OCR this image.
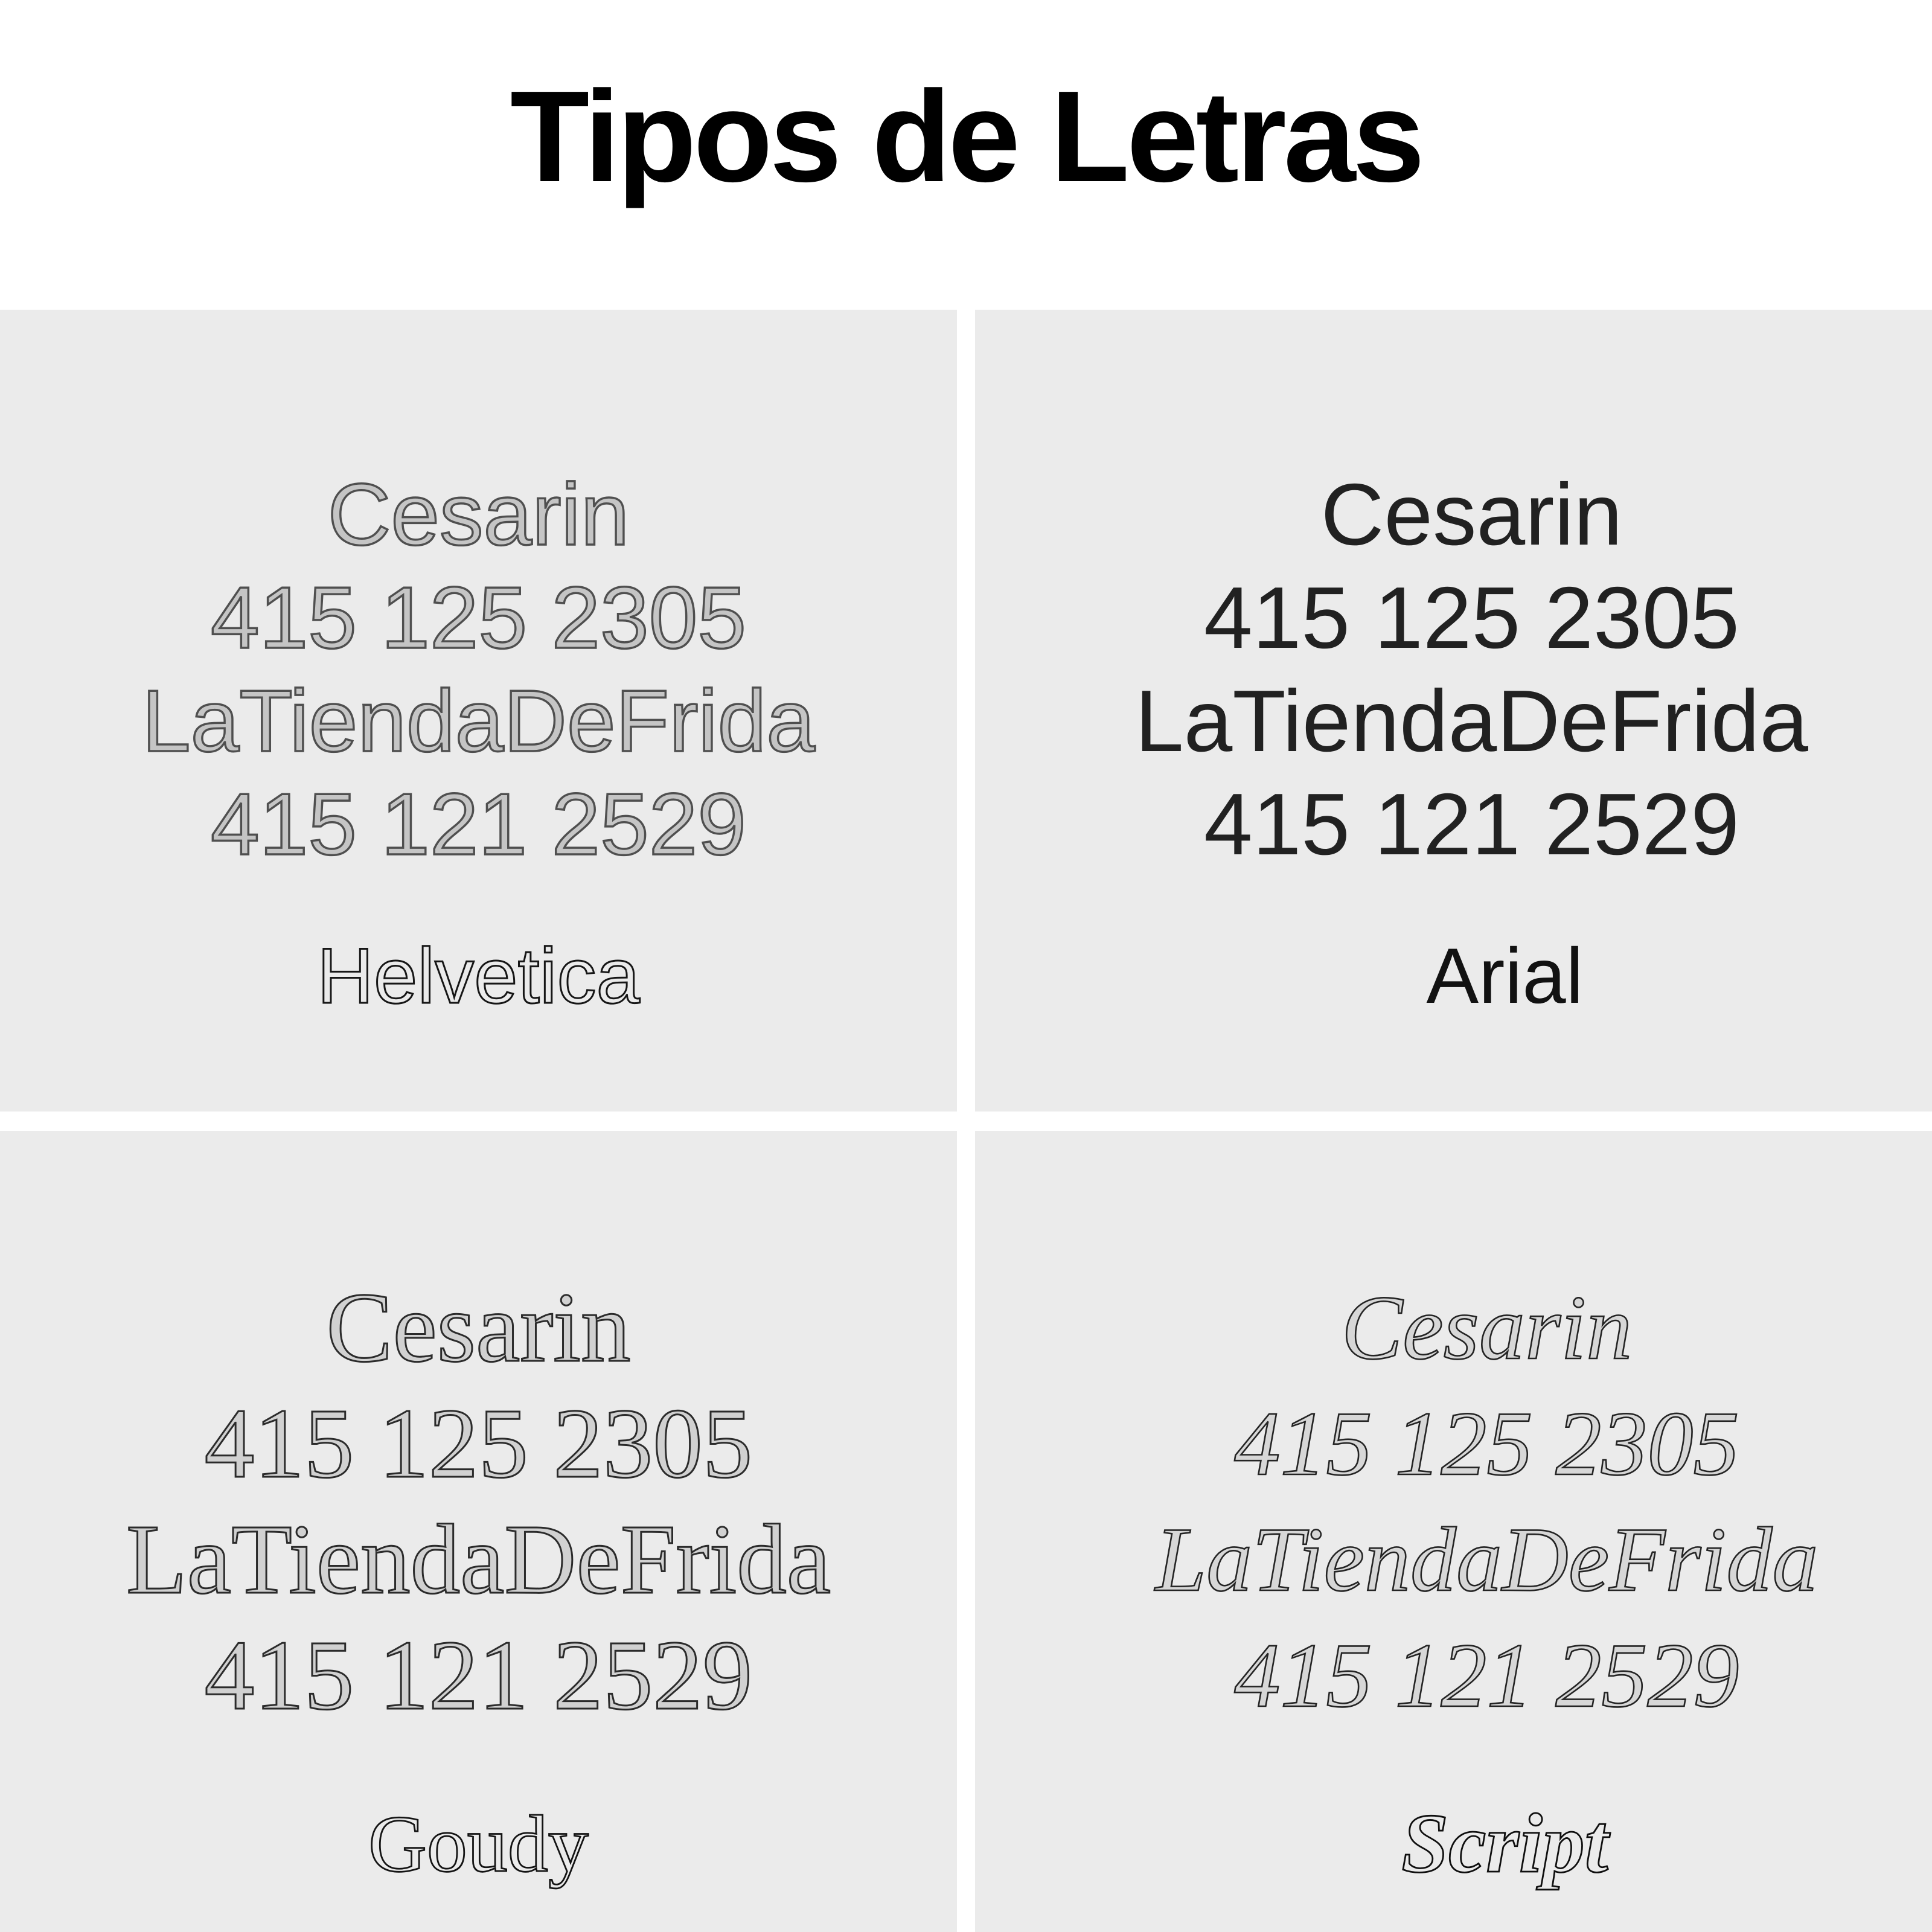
Tipos de Letras
Cesarin
415 125 2305
LaTiendaDeFrida
415 121 2529
Helvetica
Cesarin
415 125 2305
LaTiendaDeFrida
415 121 2529
Arial
Cesarin
415 125 2305
LaTiendaDeFrida
415 121 2529
Goudy
Cesarin
415 125 2305
LaTiendaDeFrida
415 121 2529
Script
